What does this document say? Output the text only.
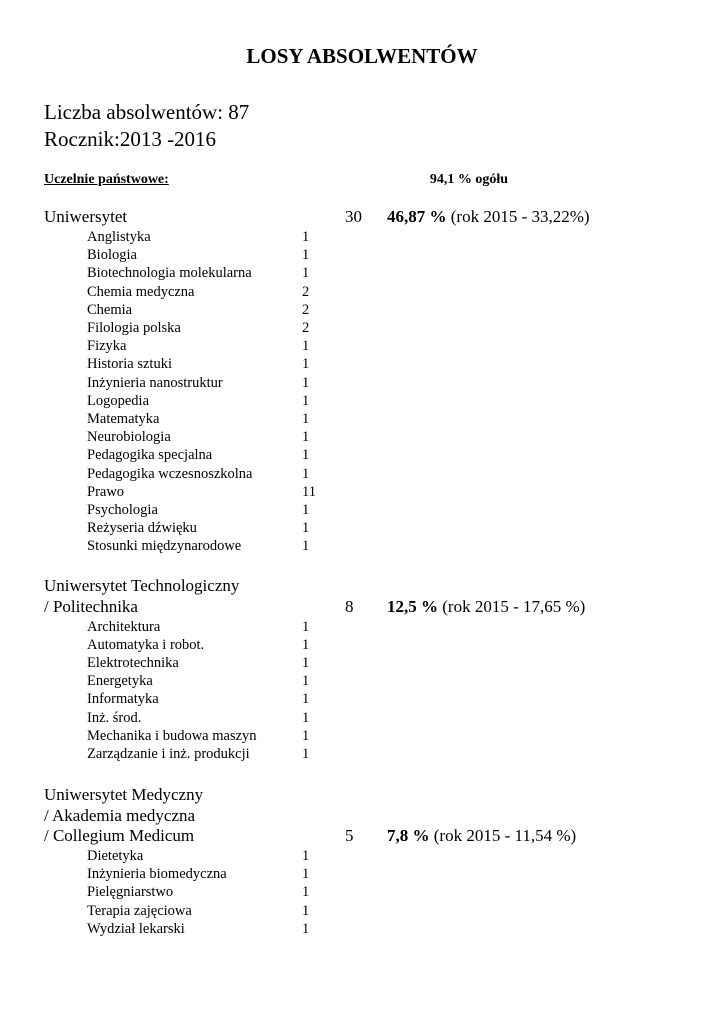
LOSY ABSOLWENTÓW
Liczba absolwentów: 87
Rocznik:2013 -2016
Uczelnie państwowe:	94,1 % ogółu
Uniwersytet	30 46,87 % (rok 2015 - 33,22%)
Anglistyka	1
Biologia	1
Biotechnologia molekularna	1
Chemia medyczna	2
Chemia	2
Filologia polska	2
Fizyka	1
Historia sztuki	1
Inżynieria nanostruktur	1
Logopedia	1
Matematyka	1
Neurobiologia	1
Pedagogika specjalna	1
Pedagogika wczesnoszkolna	1
Prawo	11
Psychologia	1
Reżyseria dźwięku	1
Stosunki międzynarodowe	1
Uniwersytet Technologiczny
/ Politechnika	8 12,5 % (rok 2015 - 17,65 %)
Architektura	1
Automatyka i robot.	1
Elektrotechnika	1
Energetyka	1
Informatyka	1
Inż. środ.	1
Mechanika i budowa maszyn	1
Zarządzanie i inż. produkcji	1
Uniwersytet Medyczny
/ Akademia medyczna
/ Collegium Medicum	5 7,8 % (rok 2015 - 11,54 %)
Dietetyka	1
Inżynieria biomedyczna	1
Pielęgniarstwo	1
Terapia zajęciowa	1
Wydział lekarski	1
